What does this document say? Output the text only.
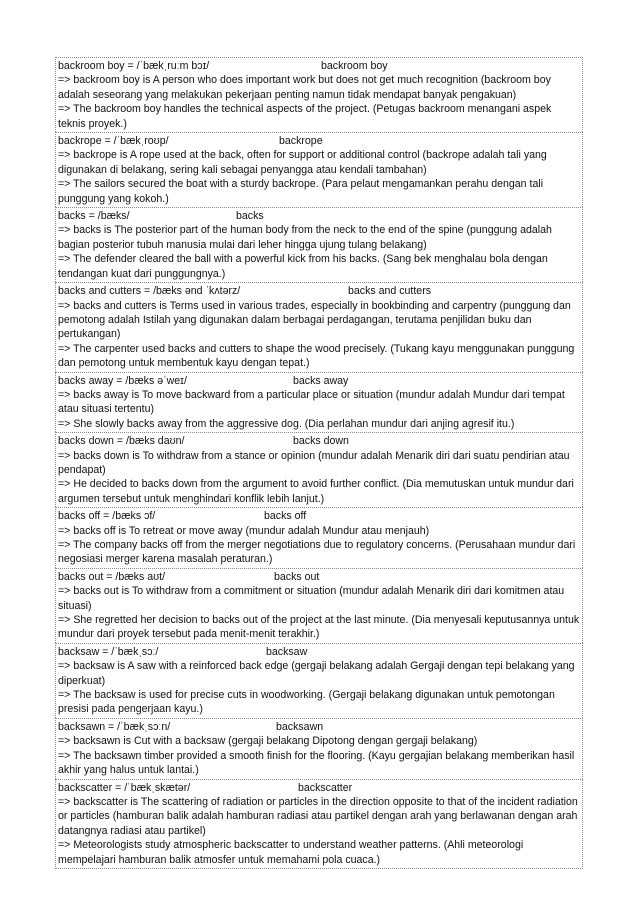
backroom boy = /ˈbækˌruːm bɔɪ/	backroom boy
=> backroom boy is A person who does important work but does not get much recognition (backroom boy adalah seseorang yang melakukan pekerjaan penting namun tidak mendapat banyak pengakuan)
=> The backroom boy handles the technical aspects of the project. (Petugas backroom menangani aspek teknis proyek.)
backrope = /ˈbækˌroʊp/	backrope
=> backrope is A rope used at the back, often for support or additional control (backrope adalah tali yang digunakan di belakang, sering kali sebagai penyangga atau kendali tambahan)
=> The sailors secured the boat with a sturdy backrope. (Para pelaut mengamankan perahu dengan tali punggung yang kokoh.)
backs = /bæks/	backs
=> backs is The posterior part of the human body from the neck to the end of the spine (punggung adalah bagian posterior tubuh manusia mulai dari leher hingga ujung tulang belakang)
=> The defender cleared the ball with a powerful kick from his backs. (Sang bek menghalau bola dengan tendangan kuat dari punggungnya.)
backs and cutters = /bæks ənd ˈkʌtərz/	backs and cutters
=> backs and cutters is Terms used in various trades, especially in bookbinding and carpentry (punggung dan pemotong adalah Istilah yang digunakan dalam berbagai perdagangan, terutama penjilidan buku dan pertukangan)
=> The carpenter used backs and cutters to shape the wood precisely. (Tukang kayu menggunakan punggung dan pemotong untuk membentuk kayu dengan tepat.)
backs away = /bæks əˈweɪ/	backs away
=> backs away is To move backward from a particular place or situation (mundur adalah Mundur dari tempat atau situasi tertentu)
=> She slowly backs away from the aggressive dog. (Dia perlahan mundur dari anjing agresif itu.)
backs down = /bæks daʊn/	backs down
=> backs down is To withdraw from a stance or opinion (mundur adalah Menarik diri dari suatu pendirian atau pendapat)
=> He decided to backs down from the argument to avoid further conflict. (Dia memutuskan untuk mundur dari argumen tersebut untuk menghindari konflik lebih lanjut.)
backs off = /bæks ɔf/	backs off
=> backs off is To retreat or move away (mundur adalah Mundur atau menjauh)
=> The company backs off from the merger negotiations due to regulatory concerns. (Perusahaan mundur dari negosiasi merger karena masalah peraturan.)
backs out = /bæks aʊt/	backs out
=> backs out is To withdraw from a commitment or situation (mundur adalah Menarik diri dari komitmen atau situasi)
=> She regretted her decision to backs out of the project at the last minute. (Dia menyesali keputusannya untuk mundur dari proyek tersebut pada menit-menit terakhir.)
backsaw = /ˈbækˌsɔː/	backsaw
=> backsaw is A saw with a reinforced back edge (gergaji belakang adalah Gergaji dengan tepi belakang yang diperkuat)
=> The backsaw is used for precise cuts in woodworking. (Gergaji belakang digunakan untuk pemotongan presisi pada pengerjaan kayu.)
backsawn = /ˈbækˌsɔːn/	backsawn
=> backsawn is Cut with a backsaw (gergaji belakang Dipotong dengan gergaji belakang)
=> The backsawn timber provided a smooth finish for the flooring. (Kayu gergajian belakang memberikan hasil akhir yang halus untuk lantai.)
backscatter = /ˈbækˌskætər/	backscatter
=> backscatter is The scattering of radiation or particles in the direction opposite to that of the incident radiation or particles (hamburan balik adalah hamburan radiasi atau partikel dengan arah yang berlawanan dengan arah datangnya radiasi atau partikel)
=> Meteorologists study atmospheric backscatter to understand weather patterns. (Ahli meteorologi mempelajari hamburan balik atmosfer untuk memahami pola cuaca.)
